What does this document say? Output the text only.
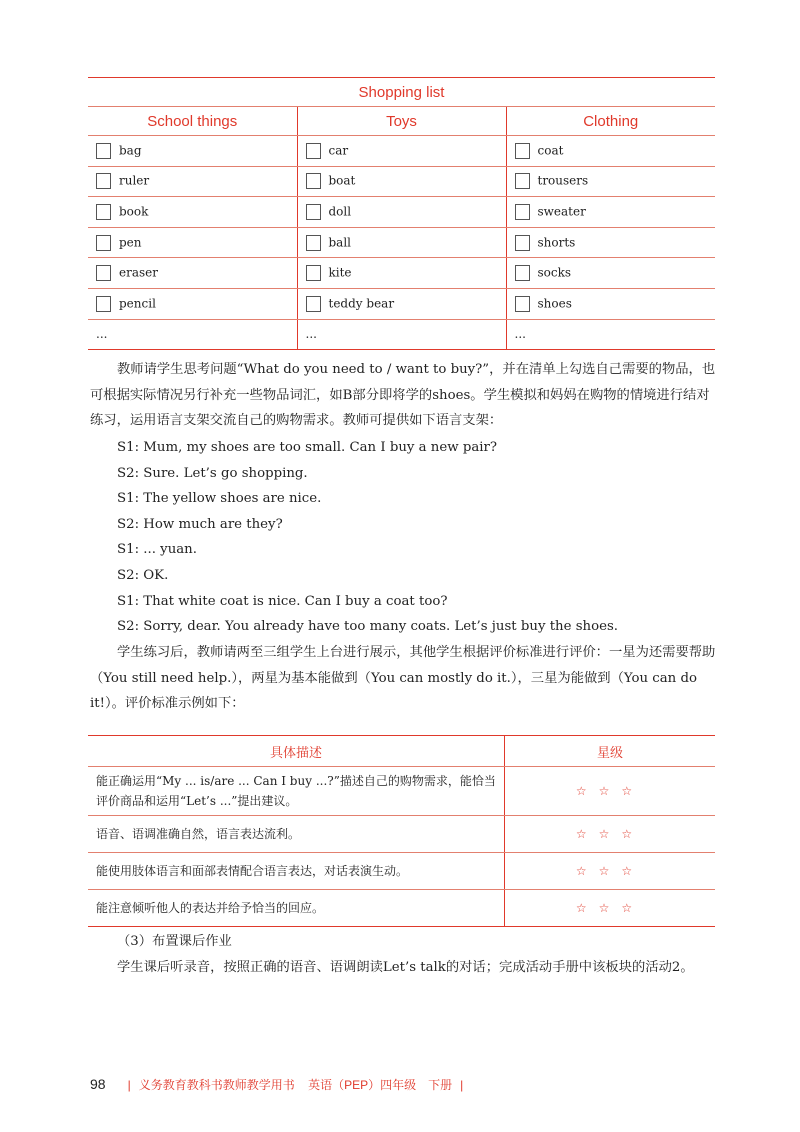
Shopping list		
School things	Toys	Clothing
bag	car	coat
ruler	boat	trousers
book	doll	sweater
pen	ball	shorts
eraser	kite	socks
pencil	teddy bear	shoes
...	...	...
教师请学生思考问题“What do you need to / want to buy?”，并在清单上勾选自己需要的物品，也可根据实际情况另行补充一些物品词汇，如B部分即将学的shoes。学生模拟和妈妈在购物的情境进行结对练习，运用语言支架交流自己的购物需求。教师可提供如下语言支架：
S1: Mum, my shoes are too small. Can I buy a new pair?
S2: Sure. Let’s go shopping.
S1: The yellow shoes are nice.
S2: How much are they?
S1: ... yuan.
S2: OK.
S1: That white coat is nice. Can I buy a coat too?
S2: Sorry, dear. You already have too many coats. Let’s just buy the shoes.
学生练习后，教师请两至三组学生上台进行展示，其他学生根据评价标准进行评价：一星为还需要帮助（You still need help.），两星为基本能做到（You can mostly do it.），三星为能做到（You can do it!）。评价标准示例如下：
具体描述	星级
能正确运用“My ... is/are ... Can I buy ...?”描述自己的购物需求，能恰当评价商品和运用“Let’s ...”提出建议。	☆☆☆
语音、语调准确自然，语言表达流利。	☆☆☆
能使用肢体语言和面部表情配合语言表达，对话表演生动。	☆☆☆
能注意倾听他人的表达并给予恰当的回应。	☆☆☆
（3）布置课后作业
学生课后听录音，按照正确的语音、语调朗读Let’s talk的对话；完成活动手册中该板块的活动2。
98 | 义务教育教科书教师教学用书 英语（PEP）四年级　下册 |
